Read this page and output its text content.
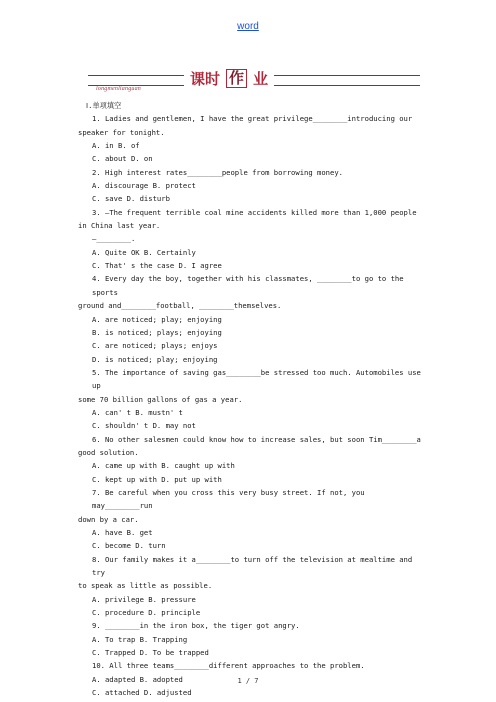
word
longmenlianguan
课时 作 业

Ⅰ.单项填空

1. Ladies and gentlemen, I have the great privilege________introducing our

speaker for tonight.

A. in B. of

C. about D. on

2. High interest rates________people from borrowing money.

A. discourage B. protect

C. save D. disturb

3. —The frequent terrible coal mine accidents killed more than 1,000 people

in China last year.

—________.

A. Quite OK B. Certainly

C. That' s the case D. I agree

4. Every day the boy, together with his classmates, ________to go to the sports

ground and________football, ________themselves.

A. are noticed; play; enjoying

B. is noticed; plays; enjoying

C. are noticed; plays; enjoys

D. is noticed; play; enjoying

5. The importance of saving gas________be stressed too much. Automobiles use up

some 70 billion gallons of gas a year.

A. can' t B. mustn' t

C. shouldn' t D. may not

6. No other salesmen could know how to increase sales, but soon Tim________a

good solution.

A. came up with B. caught up with

C. kept up with D. put up with

7. Be careful when you cross this very busy street. If not, you may________run

down by a car.

A. have B. get

C. become D. turn

8. Our family makes it a________to turn off the television at mealtime and try

to speak as little as possible.

A. privilege B. pressure

C. procedure D. principle

9. ________in the iron box, the tiger got angry.

A. To trap B. Trapping

C. Trapped D. To be trapped

10. All three teams________different approaches to the problem.

A. adapted B. adopted

C. attached D. adjusted

1 / 7
